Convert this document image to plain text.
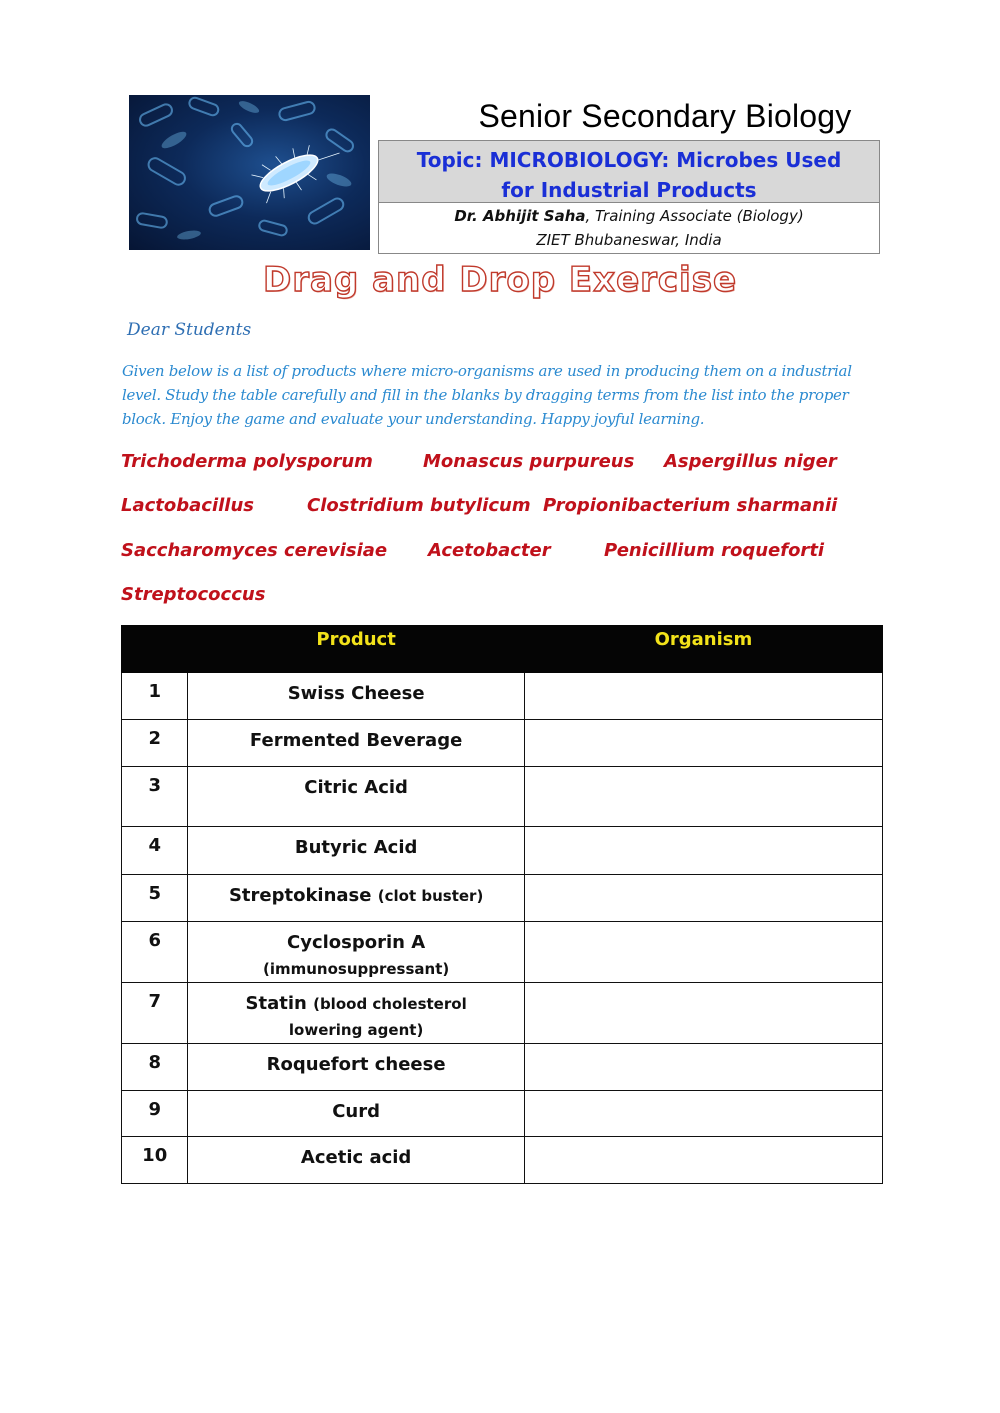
Senior Secondary Biology
Topic: MICROBIOLOGY: Microbes Used
for Industrial Products
Dr. Abhijit Saha, Training Associate (Biology)
ZIET Bhubaneswar, India
Drag and Drop Exercise
Dear Students
Given below is a list of products where micro-organisms are used in producing them on a industrial level. Study the table carefully and fill in the blanks by dragging terms from the list into the proper block. Enjoy the game and evaluate your understanding. Happy joyful learning.
Trichoderma polysporum	Monascus purpureus Aspergillus niger
Lactobacillus	Clostridium butylicum Propionibacterium sharmanii
Saccharomyces cerevisiae Acetobacter	Penicillium roqueforti
Streptococcus
	Product	Organism
1	Swiss Cheese	
2	Fermented Beverage	
3	Citric Acid	
4	Butyric Acid	
5	Streptokinase (clot buster)	
6	Cyclosporin A
(immunosuppressant)	

7	Statin (blood cholesterol lowering agent)	
8	Roquefort cheese	
9	Curd	
10	Acetic acid	
